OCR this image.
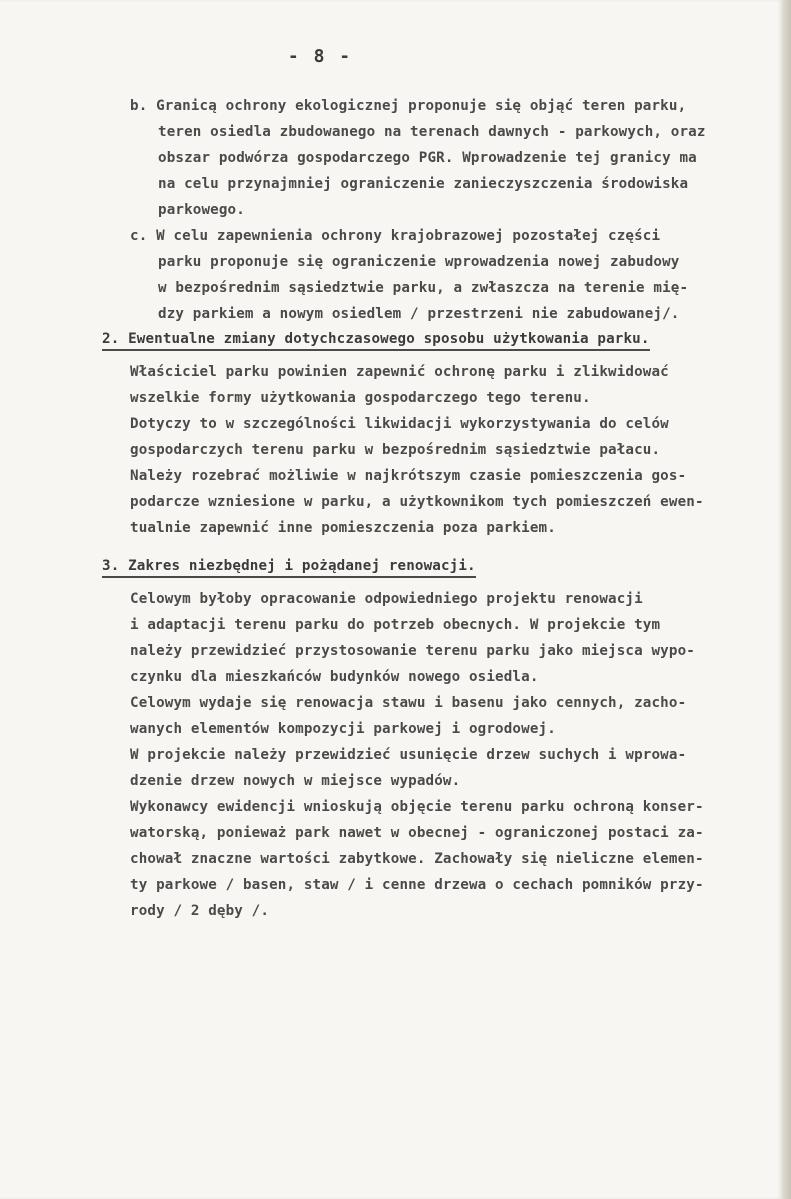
- 8 -
b. Granicą ochrony ekologicznej proponuje się objąć teren parku,
teren osiedla zbudowanego na terenach dawnych - parkowych, oraz
obszar podwórza gospodarczego PGR. Wprowadzenie tej granicy ma
na celu przynajmniej ograniczenie zanieczyszczenia środowiska
parkowego.
c. W celu zapewnienia ochrony krajobrazowej pozostałej części
parku proponuje się ograniczenie wprowadzenia nowej zabudowy
w bezpośrednim sąsiedztwie parku, a zwłaszcza na terenie mię-
dzy parkiem a nowym osiedlem / przestrzeni nie zabudowanej/.
2. Ewentualne zmiany dotychczasowego sposobu użytkowania parku.
Właściciel parku powinien zapewnić ochronę parku i zlikwidować
wszelkie formy użytkowania gospodarczego tego terenu.
Dotyczy to w szczególności likwidacji wykorzystywania do celów
gospodarczych terenu parku w bezpośrednim sąsiedztwie pałacu.
Należy rozebrać możliwie w najkrótszym czasie pomieszczenia gos-
podarcze wzniesione w parku, a użytkownikom tych pomieszczeń ewen-
tualnie zapewnić inne pomieszczenia poza parkiem.
3. Zakres niezbędnej i pożądanej renowacji.
Celowym byłoby opracowanie odpowiedniego projektu renowacji
i adaptacji terenu parku do potrzeb obecnych. W projekcie tym
należy przewidzieć przystosowanie terenu parku jako miejsca wypo-
czynku dla mieszkańców budynków nowego osiedla.
Celowym wydaje się renowacja stawu i basenu jako cennych, zacho-
wanych elementów kompozycji parkowej i ogrodowej.
W projekcie należy przewidzieć usunięcie drzew suchych i wprowa-
dzenie drzew nowych w miejsce wypadów.
Wykonawcy ewidencji wnioskują objęcie terenu parku ochroną konser-
watorską, ponieważ park nawet w obecnej - ograniczonej postaci za-
chował znaczne wartości zabytkowe. Zachowały się nieliczne elemen-
ty parkowe / basen, staw / i cenne drzewa o cechach pomników przy-
rody / 2 dęby /.
